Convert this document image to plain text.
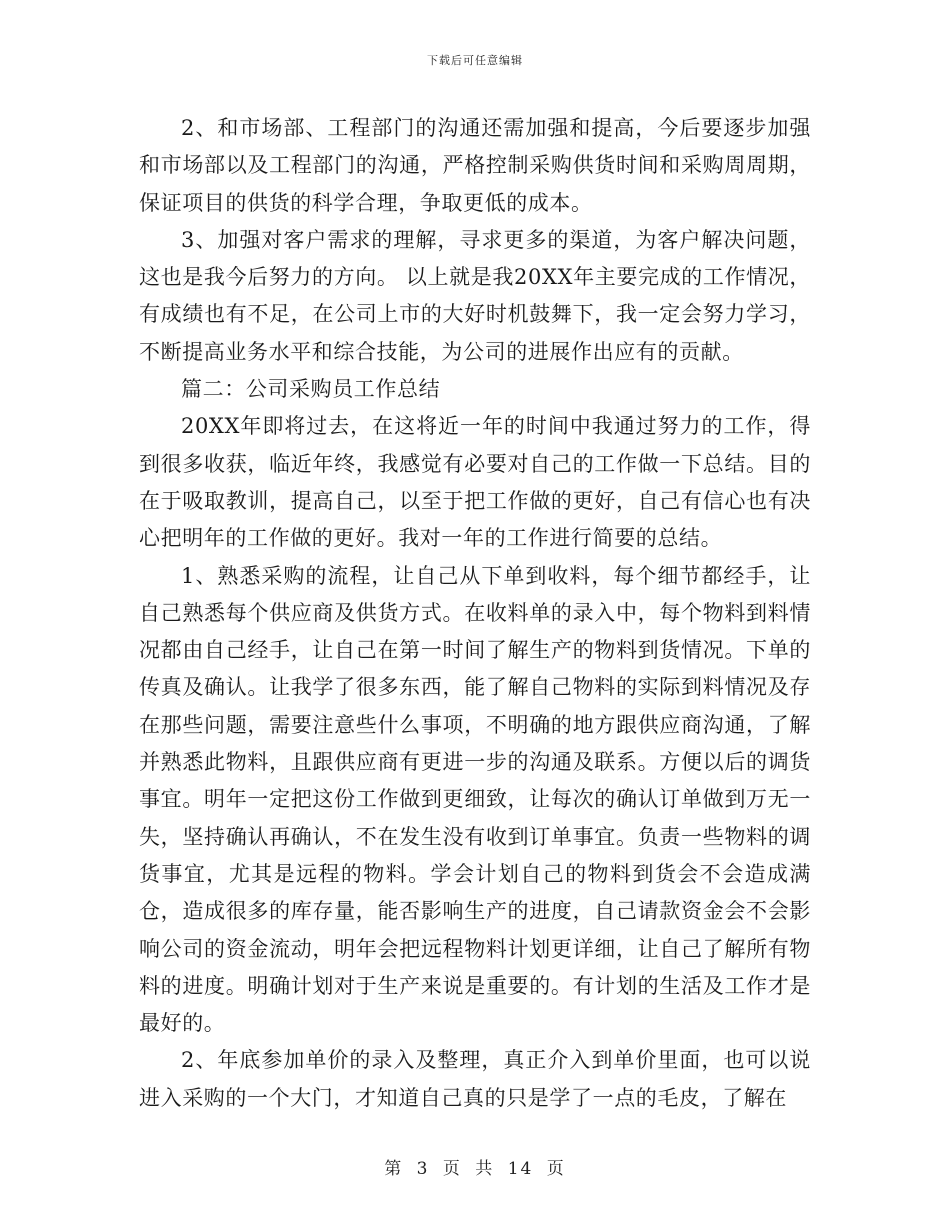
下载后可任意编辑

2、和市场部、工程部门的沟通还需加强和提高，今后要逐步加强和市场部以及工程部门的沟通，严格控制采购供货时间和采购周周期，保证项目的供货的科学合理，争取更低的成本。

3、加强对客户需求的理解，寻求更多的渠道，为客户解决问题，这也是我今后努力的方向。 以上就是我20XX年主要完成的工作情况，有成绩也有不足，在公司上市的大好时机鼓舞下，我一定会努力学习，不断提高业务水平和综合技能，为公司的进展作出应有的贡献。

篇二：公司采购员工作总结

20XX年即将过去，在这将近一年的时间中我通过努力的工作，得到很多收获，临近年终，我感觉有必要对自己的工作做一下总结。目的在于吸取教训，提高自己，以至于把工作做的更好，自己有信心也有决心把明年的工作做的更好。我对一年的工作进行简要的总结。

1、熟悉采购的流程，让自己从下单到收料，每个细节都经手，让自己熟悉每个供应商及供货方式。在收料单的录入中，每个物料到料情况都由自己经手，让自己在第一时间了解生产的物料到货情况。下单的传真及确认。让我学了很多东西，能了解自己物料的实际到料情况及存在那些问题，需要注意些什么事项，不明确的地方跟供应商沟通，了解并熟悉此物料，且跟供应商有更进一步的沟通及联系。方便以后的调货事宜。明年一定把这份工作做到更细致，让每次的确认订单做到万无一失，坚持确认再确认，不在发生没有收到订单事宜。负责一些物料的调货事宜，尤其是远程的物料。学会计划自己的物料到货会不会造成满仓，造成很多的库存量，能否影响生产的进度，自己请款资金会不会影响公司的资金流动，明年会把远程物料计划更详细，让自己了解所有物料的进度。明确计划对于生产来说是重要的。有计划的生活及工作才是最好的。

2、年底参加单价的录入及整理，真正介入到单价里面，也可以说进入采购的一个大门，才知道自己真的只是学了一点的毛皮，了解在

第 3 页 共 14 页
